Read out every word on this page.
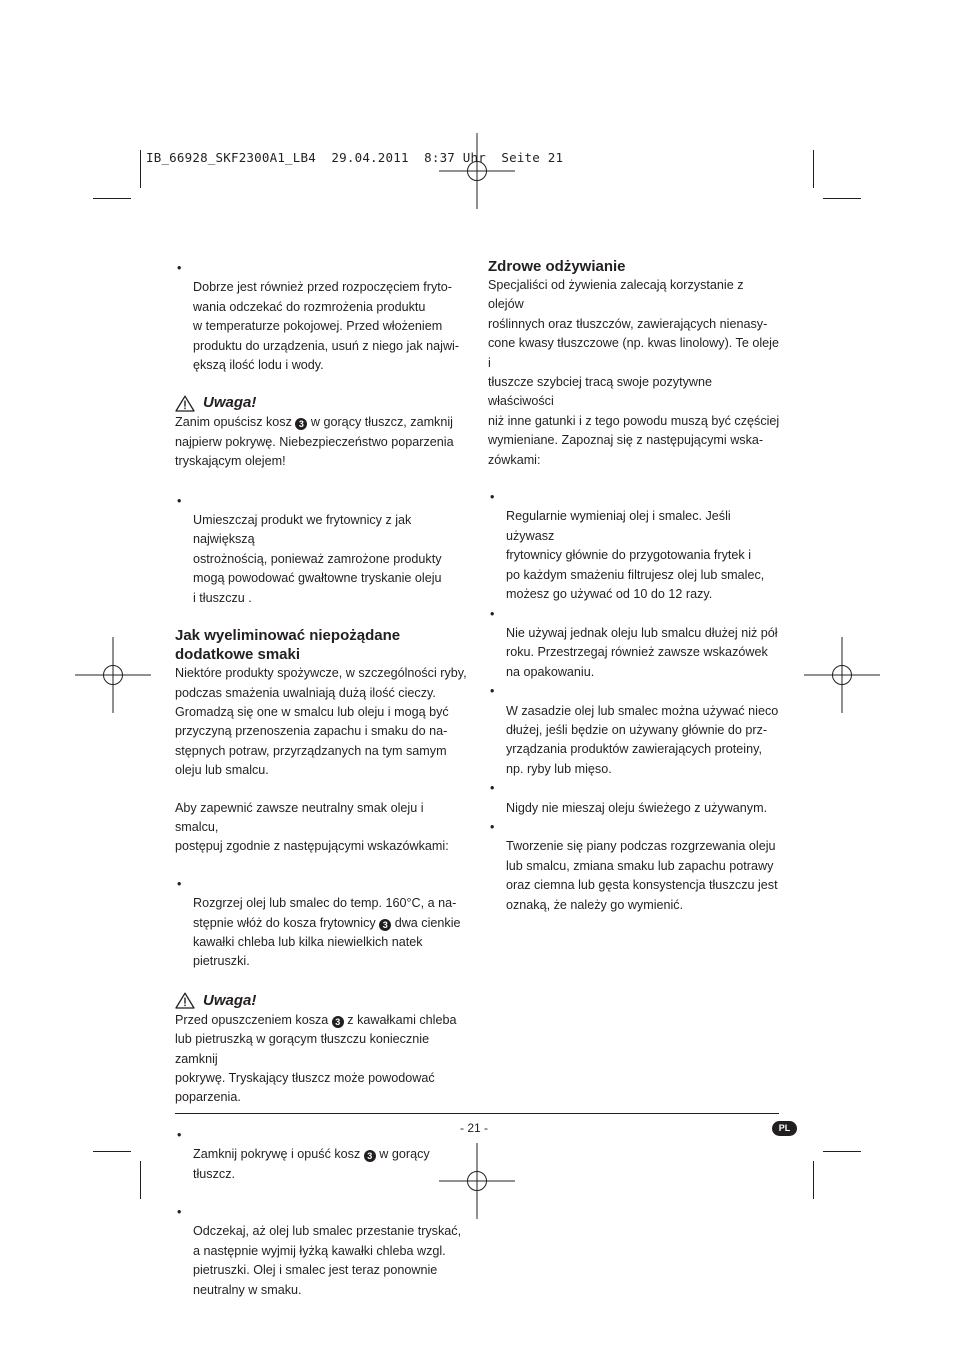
IB_66928_SKF2300A1_LB4  29.04.2011  8:37 Uhr  Seite 21

•
Dobrze jest również przed rozpoczęciem fryto-
wania odczekać do rozmrożenia produktu
w temperaturze pokojowej. Przed włożeniem
produktu do urządzenia, usuń z niego jak najwi-
ększą ilość lodu i wody.

Uwaga!

Zanim opuścisz kosz 3 w gorący tłuszcz, zamknij
najpierw pokrywę. Niebezpieczeństwo poparzenia
tryskającym olejem!

•
Umieszczaj produkt we frytownicy z jak największą
ostrożnością, ponieważ zamrożone produkty
mogą powodować gwałtowne tryskanie oleju
i tłuszczu .

Jak wyeliminować niepożądane
dodatkowe smaki

Niektóre produkty spożywcze, w szczególności ryby,
podczas smażenia uwalniają dużą ilość cieczy.
Gromadzą się one w smalcu lub oleju i mogą być
przyczyną przenoszenia zapachu i smaku do na-
stępnych potraw, przyrządzanych na tym samym
oleju lub smalcu.

Aby zapewnić zawsze neutralny smak oleju i smalcu,
postępuj zgodnie z następującymi wskazówkami:

•
Rozgrzej olej lub smalec do temp. 160°C, a na-
stępnie włóż do kosza frytownicy 3 dwa cienkie
kawałki chleba lub kilka niewielkich natek pietruszki.

Uwaga!

Przed opuszczeniem kosza 3 z kawałkami chleba
lub pietruszką w gorącym tłuszczu koniecznie zamknij
pokrywę. Tryskający tłuszcz może powodować
poparzenia.

•
Zamknij pokrywę i opuść kosz 3 w gorący tłuszcz.

•
Odczekaj, aż olej lub smalec przestanie tryskać,
a następnie wyjmij łyżką kawałki chleba wzgl.
pietruszki. Olej i smalec jest teraz ponownie
neutralny w smaku.

Zdrowe odżywianie

Specjaliści od żywienia zalecają korzystanie z olejów
roślinnych oraz tłuszczów, zawierających nienasy-
cone kwasy tłuszczowe (np. kwas linolowy). Te oleje i
tłuszcze szybciej tracą swoje pozytywne właściwości
niż inne gatunki i z tego powodu muszą być częściej
wymieniane. Zapoznaj się z następującymi wska-
zówkami:

•
Regularnie wymieniaj olej i smalec. Jeśli używasz
frytownicy głównie do przygotowania frytek i
po każdym smażeniu filtrujesz olej lub smalec,
możesz go używać od 10 do 12 razy.

•
Nie używaj jednak oleju lub smalcu dłużej niż pół
roku. Przestrzegaj również zawsze wskazówek
na opakowaniu.

•
W zasadzie olej lub smalec można używać nieco
dłużej, jeśli będzie on używany głównie do prz-
yrządzania produktów zawierających proteiny,
np. ryby lub mięso.

•
Nigdy nie mieszaj oleju świeżego z używanym.

•
Tworzenie się piany podczas rozgrzewania oleju
lub smalcu, zmiana smaku lub zapachu potrawy
oraz ciemna lub gęsta konsystencja tłuszczu jest
oznaką, że należy go wymienić.

- 21 -	PL
